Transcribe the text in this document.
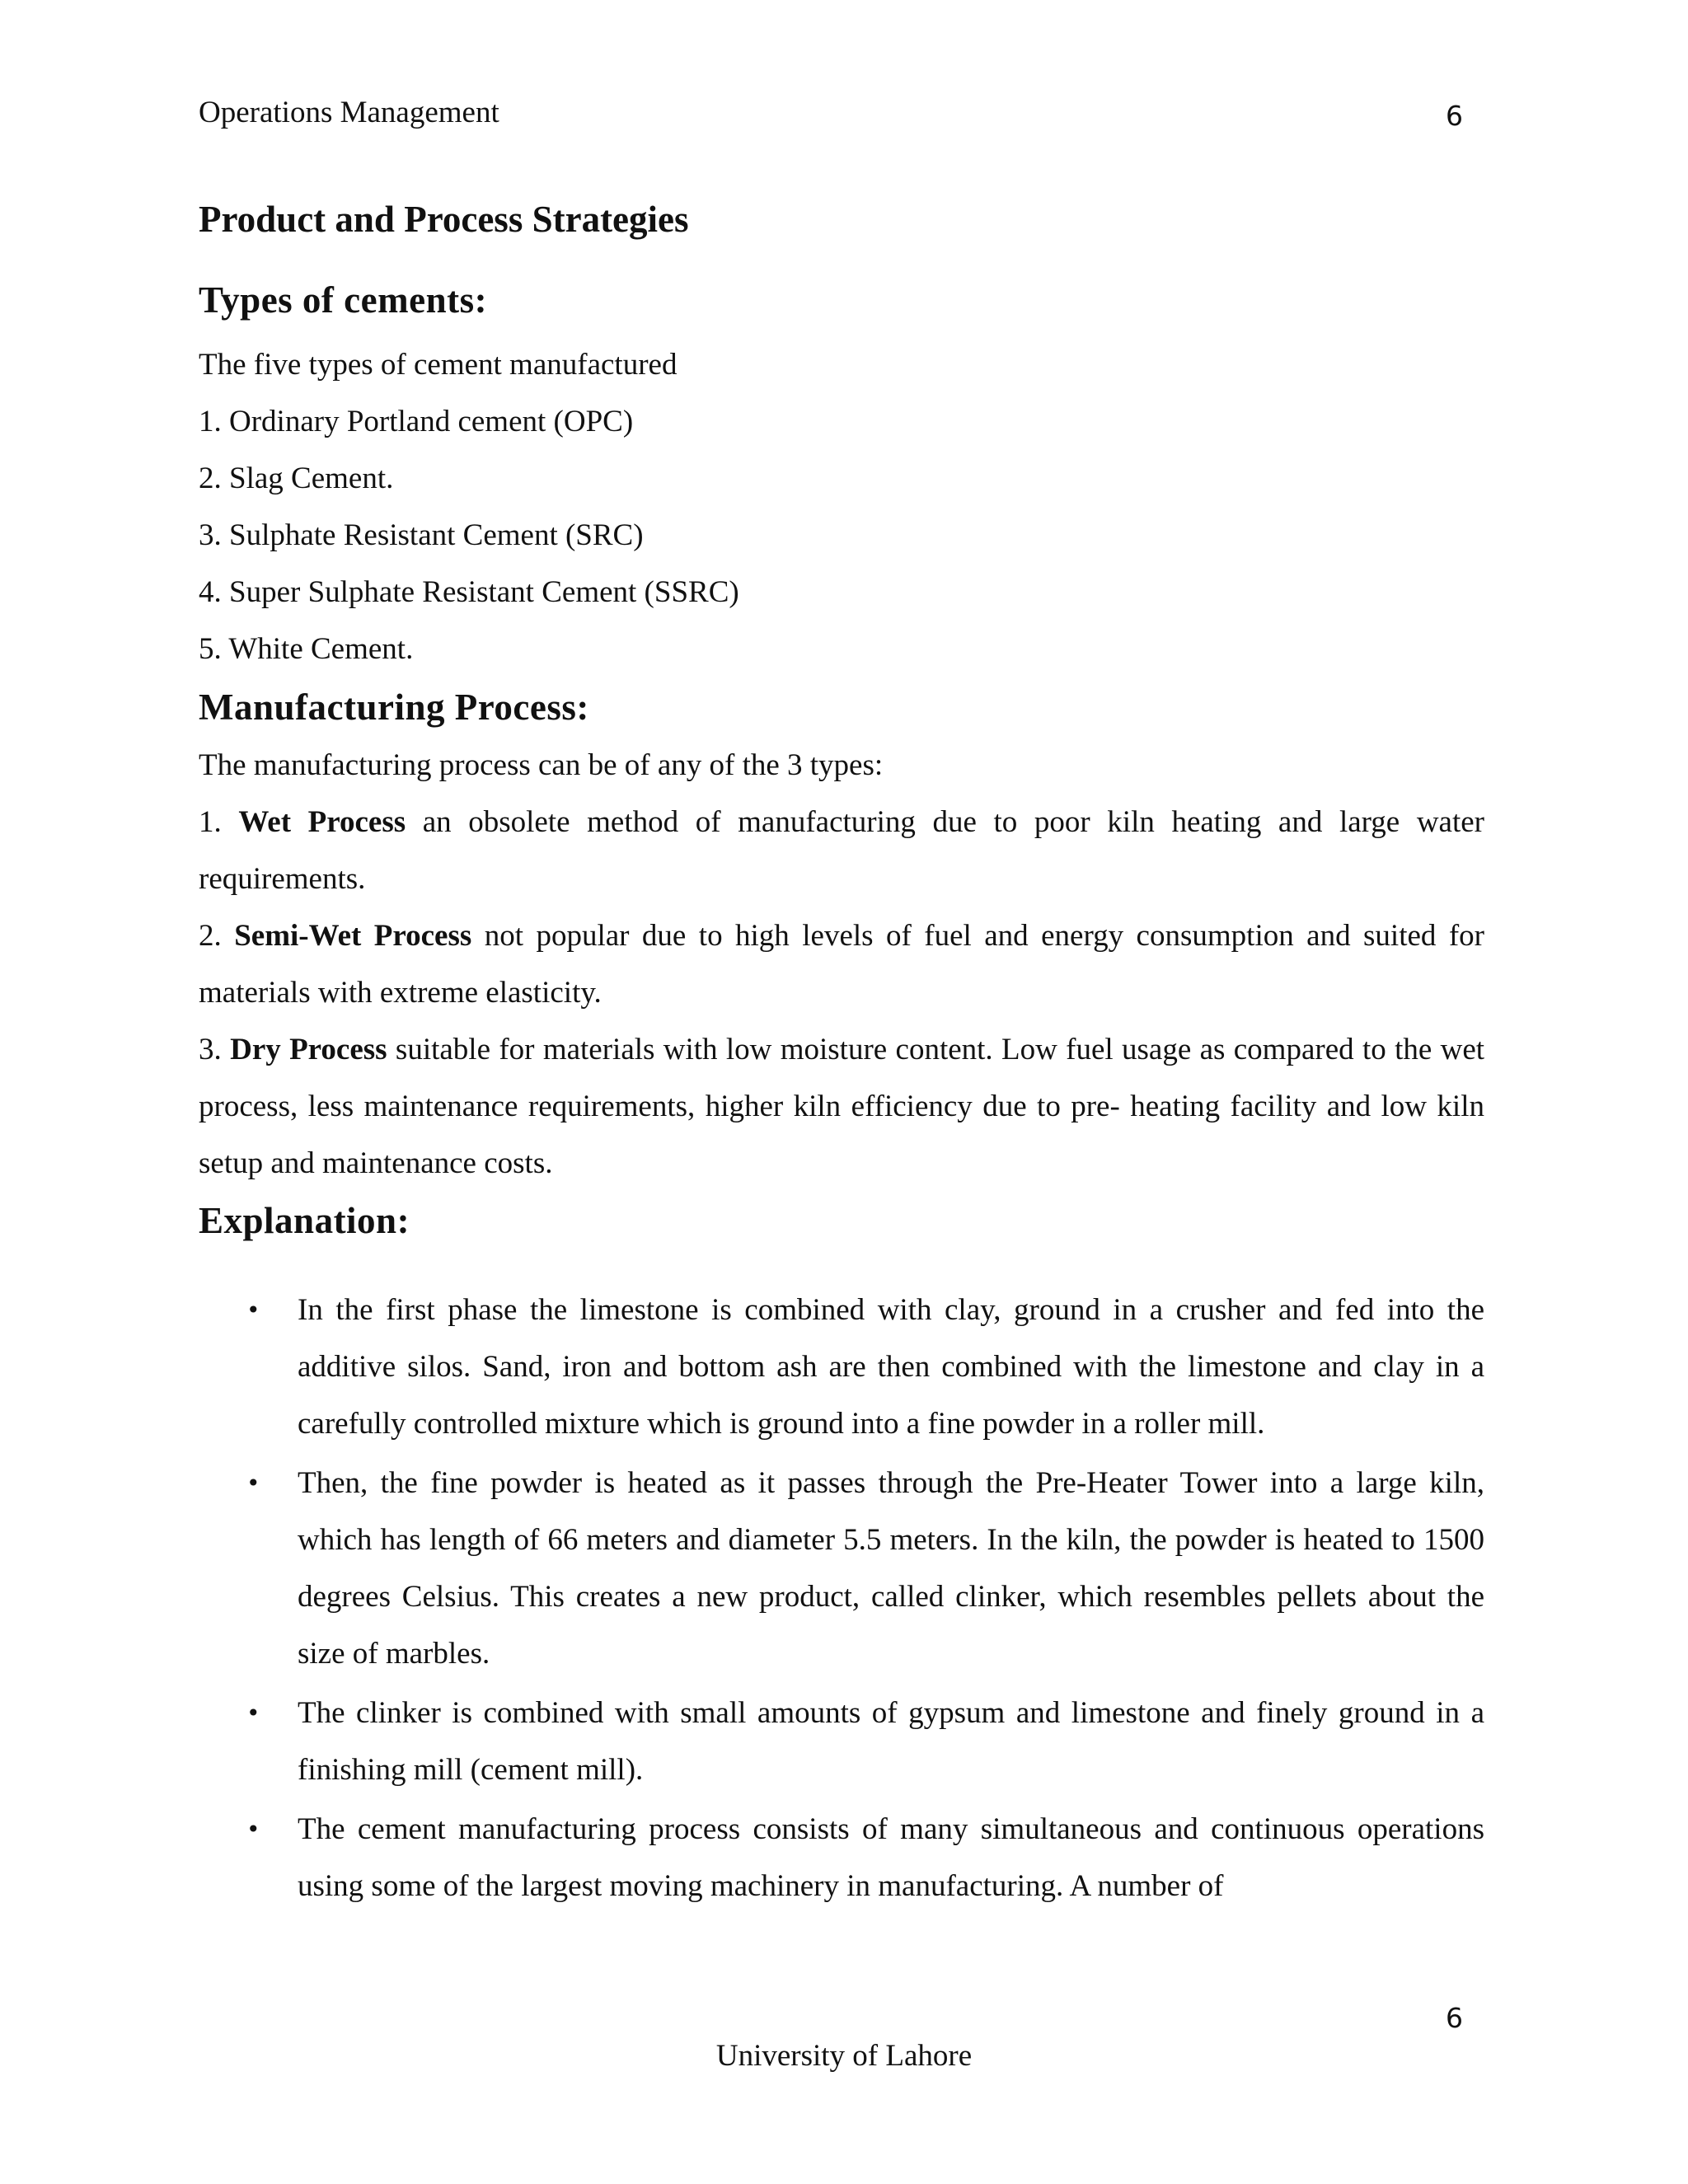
Operations Management	6
Product and Process Strategies
Types of cements:

The five types of cement manufactured

1. Ordinary Portland cement (OPC)

2. Slag Cement.

3. Sulphate Resistant Cement (SRC)

4. Super Sulphate Resistant Cement (SSRC)

5. White Cement.

Manufacturing Process:

The manufacturing process can be of any of the 3 types:

1. Wet Process an obsolete method of manufacturing due to poor kiln heating and large water requirements.

2. Semi-Wet Process not popular due to high levels of fuel and energy consumption and suited for materials with extreme elasticity.

3. Dry Process suitable for materials with low moisture content. Low fuel usage as compared to the wet process, less maintenance requirements, higher kiln efficiency due to pre- heating facility and low kiln setup and maintenance costs.

Explanation:
• In the first phase the limestone is combined with clay, ground in a crusher and fed into the additive silos. Sand, iron and bottom ash are then combined with the limestone and clay in a carefully controlled mixture which is ground into a fine powder in a roller mill.
• Then, the fine powder is heated as it passes through the Pre-Heater Tower into a large kiln, which has length of 66 meters and diameter 5.5 meters. In the kiln, the powder is heated to 1500 degrees Celsius. This creates a new product, called clinker, which resembles pellets about the size of marbles.
• The clinker is combined with small amounts of gypsum and limestone and finely ground in a finishing mill (cement mill).
• The cement manufacturing process consists of many simultaneous and continuous operations using some of the largest moving machinery in manufacturing. A number of
6
University of Lahore
